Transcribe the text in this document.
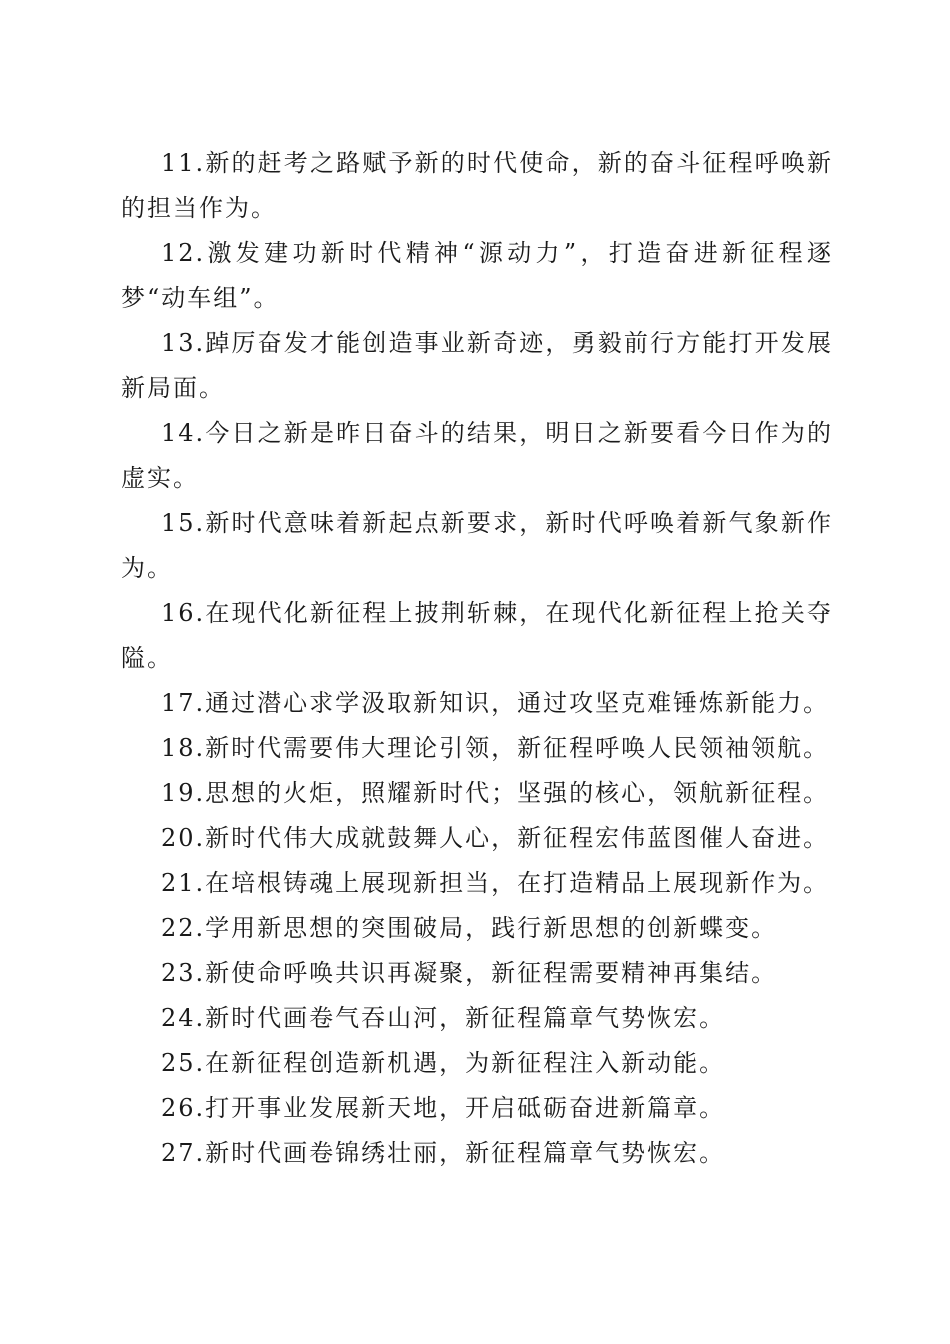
11.新的赶考之路赋予新的时代使命，新的奋斗征程呼唤新的担当作为。

12.激发建功新时代精神“源动力”，打造奋进新征程逐梦“动车组”。

13.踔厉奋发才能创造事业新奇迹，勇毅前行方能打开发展新局面。

14.今日之新是昨日奋斗的结果，明日之新要看今日作为的虚实。

15.新时代意味着新起点新要求，新时代呼唤着新气象新作为。

16.在现代化新征程上披荆斩棘，在现代化新征程上抢关夺隘。

17.通过潜心求学汲取新知识，通过攻坚克难锤炼新能力。

18.新时代需要伟大理论引领，新征程呼唤人民领袖领航。

19.思想的火炬，照耀新时代；坚强的核心，领航新征程。

20.新时代伟大成就鼓舞人心，新征程宏伟蓝图催人奋进。

21.在培根铸魂上展现新担当，在打造精品上展现新作为。

22.学用新思想的突围破局，践行新思想的创新蝶变。

23.新使命呼唤共识再凝聚，新征程需要精神再集结。

24.新时代画卷气吞山河，新征程篇章气势恢宏。

25.在新征程创造新机遇，为新征程注入新动能。

26.打开事业发展新天地，开启砥砺奋进新篇章。

27.新时代画卷锦绣壮丽，新征程篇章气势恢宏。
